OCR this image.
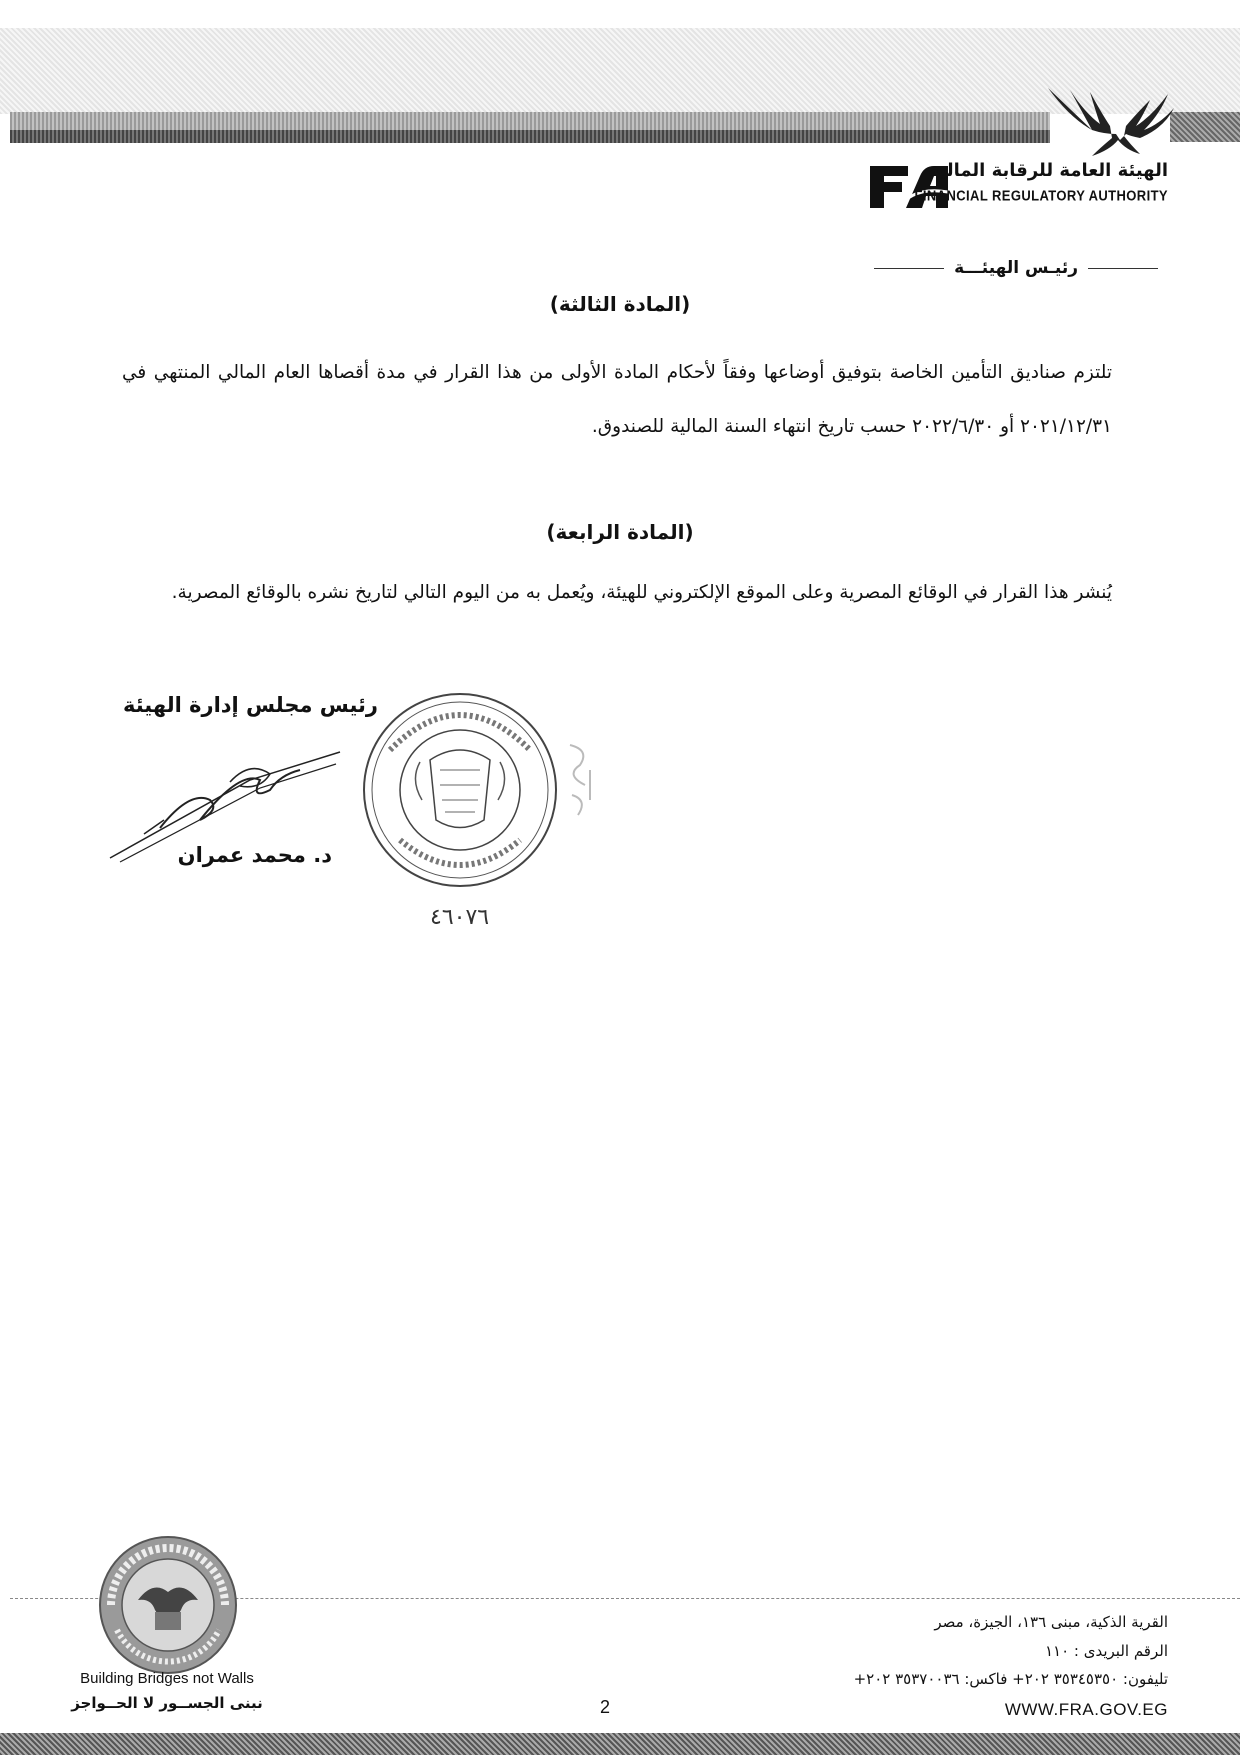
الهيئة العامة للرقابة المالية
FINANCIAL REGULATORY AUTHORITY
رئيـس الهيئـــة
(المادة الثالثة)
تلتزم صناديق التأمين الخاصة بتوفيق أوضاعها وفقاً لأحكام المادة الأولى من هذا القرار في مدة أقصاها العام المالي المنتهي في ٢٠٢١/١٢/٣١ أو ٢٠٢٢/٦/٣٠ حسب تاريخ انتهاء السنة المالية للصندوق.
(المادة الرابعة)
يُنشر هذا القرار في الوقائع المصرية وعلى الموقع الإلكتروني للهيئة، ويُعمل به من اليوم التالي لتاريخ نشره بالوقائع المصرية.
رئيس مجلس إدارة الهيئة
د. محمد عمران
٤٦٠٧٦
Building Bridges not Walls
نبنى الجســور لا الحــواجز
القرية الذكية، مبنى ١٣٦، الجيزة، مصر
الرقم البريدى : ١١٠
تليفون: ٣٥٣٤٥٣٥٠ ٢٠٢+ فاكس: ٣٥٣٧٠٠٣٦ ٢٠٢+
WWW.FRA.GOV.EG
2
